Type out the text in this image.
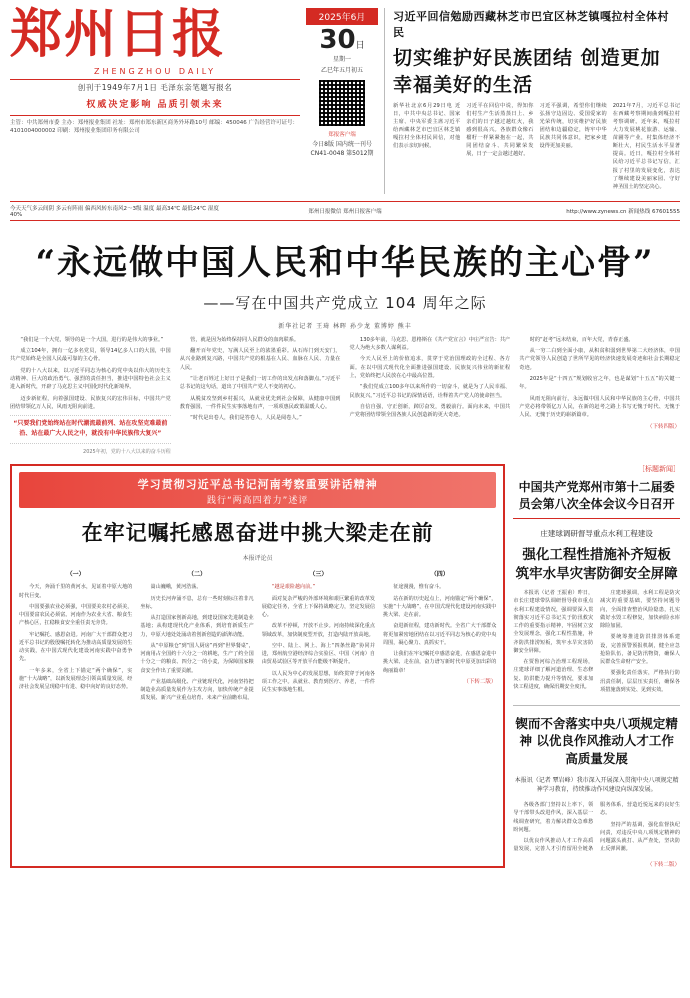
郑州日报
ZHENGZHOU DAILY
创刊于1949年7月1日 毛泽东亲笔题写报名
权威决定影响 品质引领未来
主管：中共郑州市委 主办：郑州报业集团 社址：郑州市郑东新区商务外环路10号 邮编：450046 广告经营许可证号：4101004000002 印刷：郑州报业集团印务有限公司
2025年6月
30日
星期一
乙巳年五月初五
郑报客户端
今日8版 国内统一刊号 CN41-0048 第5012期
习近平回信勉励西藏林芝市巴宜区林芝镇嘎拉村全体村民
切实维护好民族团结 创造更加幸福美好的生活

新华社北京6月29日电 近日，中共中央总书记、国家主席、中央军委主席习近平给西藏林芝市巴宜区林芝镇嘎拉村全体村民回信，对他们表示亲切问候。

习近平在回信中说，得知你们村生产生活蒸蒸日上、乡亲们的日子越过越红火，我感到很高兴。各族群众像石榴籽一样紧紧抱在一起，共同团结奋斗、共同繁荣发展，日子一定会越过越好。

习近平强调，希望你们继续弘扬守边固边、爱国爱家的光荣传统，切实维护好民族团结和边疆稳定，铸牢中华民族共同体意识，把家乡建设得更加美丽。

2021年7月，习近平总书记在西藏考察期间曲到嘎拉村考察调研。近年来，嘎拉村大力发展桃花旅游、运输、苗圃等产业，村集体经济不断壮大，村民生活水平显著提高。近日，嘎拉村全体村民给习近平总书记写信，汇报了村里的发展变化，表达了继续建设美丽家园、守好神圣国土的坚定决心。

今天天气多云间阴 多云有阵雨 偏西风转东南风2～3级 温度 最高34℃ 最低24℃ 湿度40%	郑州日报微信 郑州日报客户端	http://www.zynews.cn 新闻热线 67601555
“永远做中国人民和中华民族的主心骨”
——写在中国共产党成立 104 周年之际
新华社记者 王琦 林晖 孙少龙 董博婷 熊丰

“我们是一个大党，领导的是一个大国，进行的是伟大的事业。”

成立104年，拥有一亿多名党员，领导14亿多人口的大国，中国共产党始终是全国人民最可靠的主心骨。

党的十八大以来，以习近平同志为核心的党中央以伟大的历史主动精神、巨大的政治勇气、强烈的责任担当，推进中国特色社会主义进入新时代，开辟了马克思主义中国化时代化新境界。

迈步新征程，向着强国建设、民族复兴的宏伟目标，中国共产党团结带领亿万人民，风雨无阻向前进。

“只要我们党始终站在时代潮流最前列、站在攻坚克难最前沿、站在最广大人民之中，就没有中华民族伟大复兴”
2025年初，党的十八大以来的奋斗历程

管，就是因为始终保持同人民群众的血肉联系。

翻开百年党史，写满人民至上的浓墨重彩。从石库门到天安门，从兴业路到复兴路，中国共产党的根基在人民、血脉在人民、力量在人民。

“让老百姓过上好日子是我们一切工作的出发点和落脚点。”习近平总书记的这句话，道出了中国共产党人不变的初心。

从脱贫攻坚到乡村振兴，从就业优先到社会保障，从健康中国到教育强国，一件件民生实事落地有声，一项项惠民政策温暖人心。

“时代是出卷人，我们是答卷人，人民是阅卷人。”

130多年前，马克思、恩格斯在《共产党宣言》中庄严宣告：共产党人为绝大多数人谋利益。

今天人民至上的价值追求，贯穿于党治国理政的全过程、各方面。在以中国式现代化全面推进强国建设、民族复兴伟业的新征程上，党始终把人民放在心中最高位置。

“我们党成立100多年以来所作的一切奋斗，就是为了人民幸福、民族复兴。”习近平总书记的深情话语，诠释着共产党人的使命担当。

自信自强，守正创新，踔厉奋发，勇毅前行。面向未来，中国共产党将团结带领全国各族人民创造新的更大奇迹。

时的“赶考”远未结束，百年大党，青春正盛。

从一穷二白到全面小康，从积贫积弱到世界第二大经济体，中国共产党领导人民创造了世所罕见的经济快速发展奇迹和社会长期稳定奇迹。

2025年是“十四五”规划收官之年，也是谋划“十五五”的关键一年。

风雨无阻向前行，永远做中国人民和中华民族的主心骨，中国共产党必将带领亿万人民，在新的赶考之路上书写无愧于时代、无愧于人民、无愧于历史的崭新篇章。

（下转四版）
学习贯彻习近平总书记河南考察重要讲话精神
践行“两高四着力”述评
在牢记嘱托感恩奋进中挑大梁走在前
本报评论员
（一）

今天，奔涌千里的黄河水，见证着中原大地的时代巨变。

中国要强农业必须强，中国要美农村必须美，中国要富农民必须富。河南作为农业大省、粮食生产核心区，扛稳粮食安全重任责无旁贷。

牢记嘱托、感恩奋进。河南广大干部群众把习近平总书记的殷殷嘱托转化为推动高质量发展的生动实践，在中国式现代化建设河南实践中奋勇争先。

一年多来，全省上下锚定“两个确保”，实施“十大战略”，以新发展理念引领高质量发展，经济社会发展呈现稳中有进、稳中向好的良好态势。

（二）

嵩山巍峨，黄河浩荡。

历史长河奔涌不息，总有一些时刻标注着非凡坐标。

从打造国家创新高地，到建设国家先进制造业基地；从构建现代化产业体系，到培育新质生产力，中原大地处处涌动着创新创造的澎湃动能。

从“中原粮仓”到“国人厨房”再到“世界餐桌”，河南用占全国约十六分之一的耕地，生产了约全国十分之一的粮食、四分之一的小麦，为保障国家粮食安全作出了重要贡献。

产业基础高级化、产业链现代化，河南坚持把制造业高质量发展作为主攻方向，加快传统产业提质发展、新兴产业重点培育、未来产业前瞻布局。

（三）

“越是艰险越向前。”

面对复杂严峻的外部环境和艰巨繁重的改革发展稳定任务，全省上下保持战略定力，坚定发展信心。

改革不停顿，开放不止步。河南持续深化重点领域改革，加快制度型开放，打造内陆开放高地。

空中、陆上、网上、海上“四条丝路”协同并进，郑州航空港经济综合实验区、中国（河南）自由贸易试验区等开放平台能级不断提升。

以人民为中心的发展思想，始终贯穿于河南各项工作之中。从就业、教育到医疗、养老，一件件民生实事落地生根。

（四）

征途漫漫，惟有奋斗。

站在新的历史起点上，河南锚定“两个确保”，实施“十大战略”，在中国式现代化建设河南实践中挑大梁、走在前。

奋进新征程，建功新时代。全省广大干部群众将更加紧密地团结在以习近平同志为核心的党中央周围，凝心聚力、真抓实干。

让我们在牢记嘱托中感恩奋进，在感恩奋进中挑大梁、走在前，奋力谱写新时代中原更加出彩的绚丽篇章！

（下转二版）
［标题新闻］
中国共产党郑州市第十二届委员会第八次全体会议今日召开
庄建球调研督导重点水利工程建设
强化工程性措施补齐短板 筑牢水旱灾害防御安全屏障

本报讯（记者 王振甫）昨日，市长庄建球带队调研督导我市重点水利工程建设情况，强调要深入贯彻落实习近平总书记关于防汛救灾工作的重要指示精神，牢固树立安全发展理念，强化工程性措施，补齐防洪排涝短板，筑牢水旱灾害防御安全屏障。

在贾鲁河综合治理工程现场，庄建球详细了解河道治理、生态修复、防洪能力提升等情况，要求加快工程进度，确保汛期安全度汛。

庄建球强调，水利工程是防灾减灾的重要基础，要坚持问题导向，全面排查整治风险隐患，扎实做好水毁工程修复，加快病险水库除险加固。

要统筹推进防洪排涝体系建设，完善预警预报机制，健全应急抢险队伍，备足防汛物资，确保人民群众生命财产安全。

要强化责任落实，严格执行防汛责任制，层层压实责任，确保各项措施落到实处、见到实效。

锲而不舍落实中央八项规定精神 以优良作风推动人才工作高质量发展
本报讯（记者 覃岩峰）我市深入开展深入贯彻中央八项规定精神学习教育，持续推动作风建设向纵深发展。

各级各部门坚持以上率下，领导干部带头改进作风，深入基层一线调查研究，着力解决群众急难愁盼问题。

以优良作风推动人才工作高质量发展，完善人才引育留用全链条服务体系，营造近悦远来的良好生态。

坚持严的基调，强化监督执纪问责，对违反中央八项规定精神的问题露头就打、从严查处，坚决防止反弹回潮。

（下转二版）
